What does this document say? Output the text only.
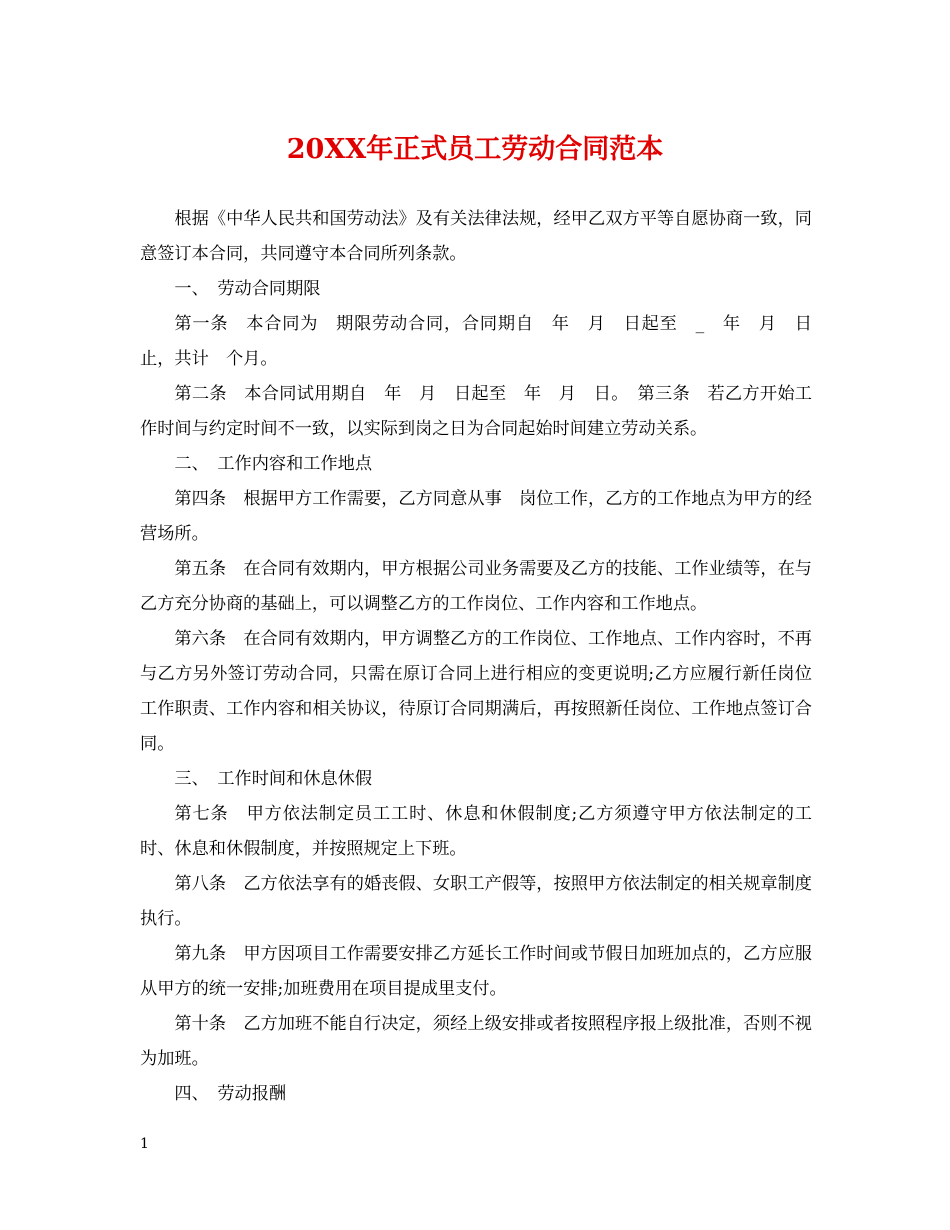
20XX年正式员工劳动合同范本

根据《中华人民共和国劳动法》及有关法律法规，经甲乙双方平等自愿协商一致，同意签订本合同，共同遵守本合同所列条款。

一、　劳动合同期限

第一条　本合同为　期限劳动合同，合同期自　年　月　日起至　_　年　月　日止，共计　个月。

第二条　本合同试用期自　年　月　日起至　年　月　日。　第三条　若乙方开始工作时间与约定时间不一致，以实际到岗之日为合同起始时间建立劳动关系。

二、　工作内容和工作地点

第四条　根据甲方工作需要，乙方同意从事　岗位工作，乙方的工作地点为甲方的经营场所。

第五条　在合同有效期内，甲方根据公司业务需要及乙方的技能、工作业绩等，在与乙方充分协商的基础上，可以调整乙方的工作岗位、工作内容和工作地点。

第六条　在合同有效期内，甲方调整乙方的工作岗位、工作地点、工作内容时，不再与乙方另外签订劳动合同，只需在原订合同上进行相应的变更说明;乙方应履行新任岗位工作职责、工作内容和相关协议，待原订合同期满后，再按照新任岗位、工作地点签订合同。

三、　工作时间和休息休假

第七条　甲方依法制定员工工时、休息和休假制度;乙方须遵守甲方依法制定的工时、休息和休假制度，并按照规定上下班。

第八条　乙方依法享有的婚丧假、女职工产假等，按照甲方依法制定的相关规章制度执行。

第九条　甲方因项目工作需要安排乙方延长工作时间或节假日加班加点的，乙方应服从甲方的统一安排;加班费用在项目提成里支付。

第十条　乙方加班不能自行决定，须经上级安排或者按照程序报上级批准，否则不视为加班。

四、　劳动报酬

1
